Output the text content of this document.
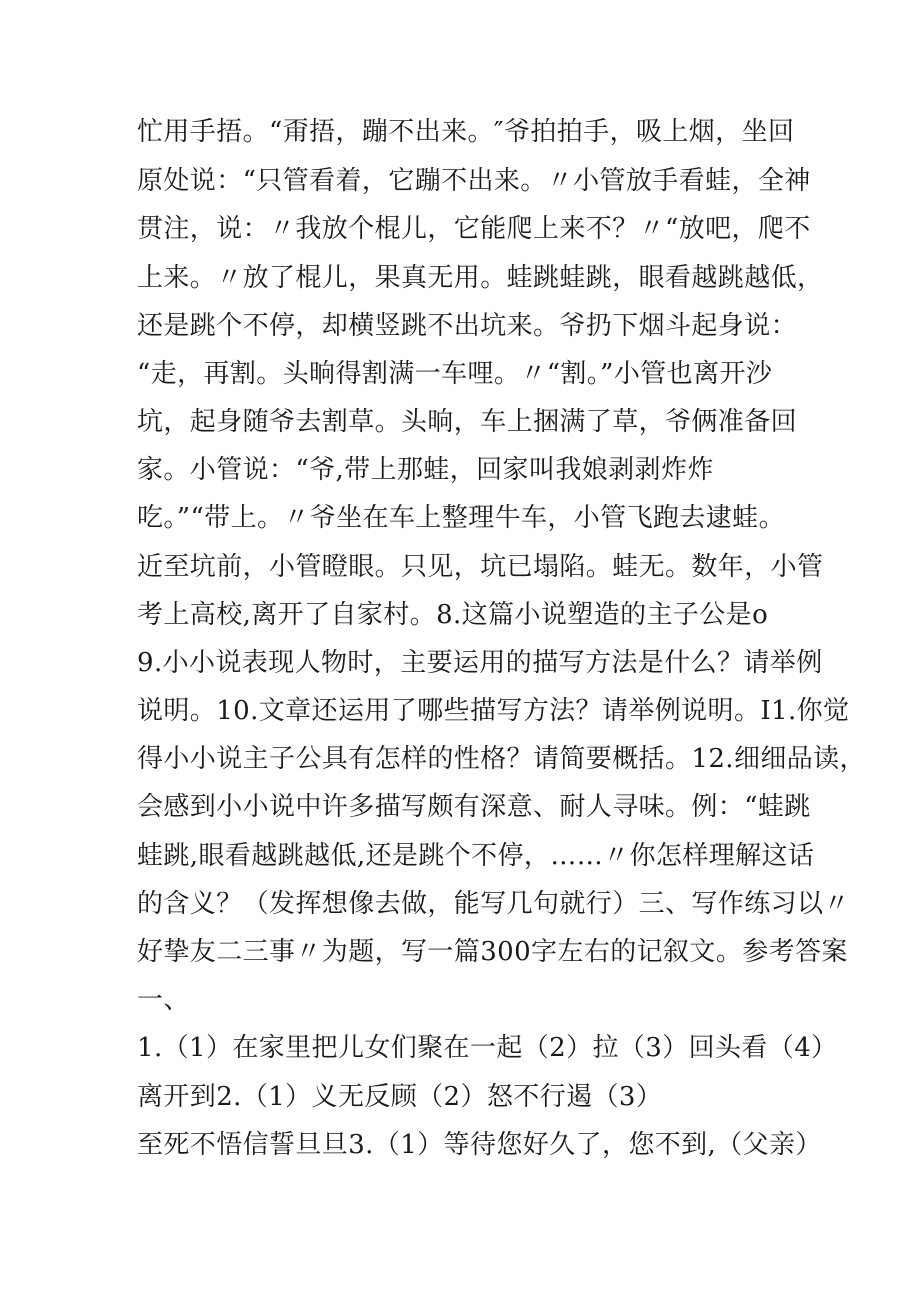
忙用手捂。“甭捂，蹦不出来。″爷拍拍手，吸上烟，坐回
原处说：“只管看着，它蹦不出来。〃小管放手看蛙，全神
贯注，说：〃我放个棍儿，它能爬上来不？〃“放吧，爬不
上来。〃放了棍儿，果真无用。蛙跳蛙跳，眼看越跳越低，
还是跳个不停，却横竖跳不出坑来。爷扔下烟斗起身说：
“走，再割。头晌得割满一车哩。〃“割。”小管也离开沙
坑，起身随爷去割草。头晌，车上捆满了草，爷俩准备回
家。小管说：“爷,带上那蛙，回家叫我娘剥剥炸炸
吃。”“带上。〃爷坐在车上整理牛车，小管飞跑去逮蛙。
近至坑前，小管瞪眼。只见，坑已塌陷。蛙无。数年，小管
考上高校,离开了自家村。8.这篇小说塑造的主子公是o
9.小小说表现人物时，主要运用的描写方法是什么？请举例
说明。10.文章还运用了哪些描写方法？请举例说明。I1.你觉
得小小说主子公具有怎样的性格？请简要概括。12.细细品读，
会感到小小说中许多描写颇有深意、耐人寻味。例：“蛙跳
蛙跳,眼看越跳越低,还是跳个不停，……〃你怎样理解这话
的含义？（发挥想像去做，能写几句就行）三、写作练习以〃
好挚友二三事〃为题，写一篇300字左右的记叙文。参考答案
一、
1.（1）在家里把儿女们聚在一起（2）拉（3）回头看（4）
离开到2.（1）义无反顾（2）怒不行遏（3）
至死不悟信誓旦旦3.（1）等待您好久了，您不到,（父亲）
